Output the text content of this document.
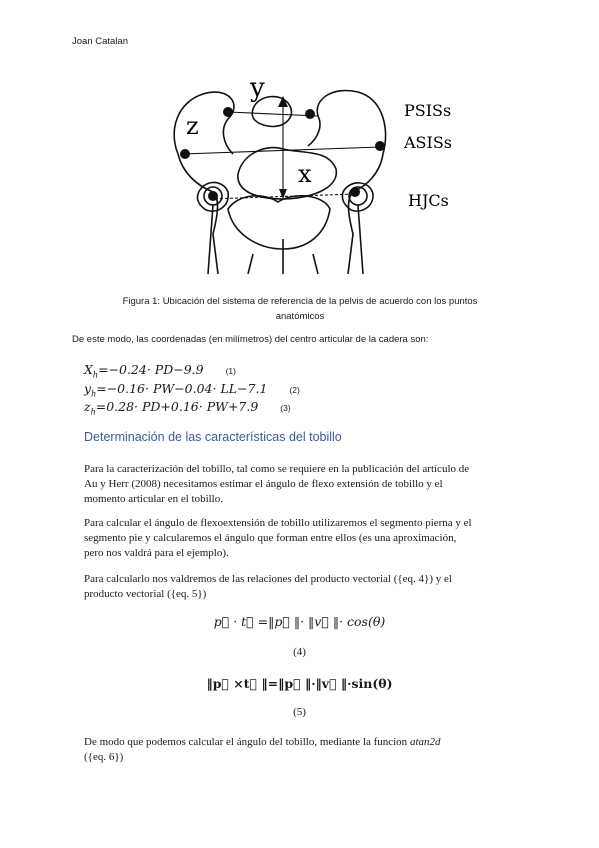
Joan Catalan
y
z
x
PSISs
ASISs
HJCs
Figura 1: Ubicación del sistema de referencia de la pelvis de acuerdo con los puntos
anatómicos
De este modo, las coordenadas (en milímetros) del centro articular de la cadera son:
$X_h=-0.24\cdot PD-9.9$	(1)
$y_h=-0.16\cdot PW-0.04\cdot LL-7.1$	(2)
$z_h=0.28\cdot PD+0.16\cdot PW+7.9$	(3)
Determinación de las características del tobillo
Para la caracterización del tobillo, tal como se requiere en la publicación del artículo de
Au y Herr (2008) necesitamos estimar el ángulo de flexo extensión de tobillo y el
momento articular en el tobillo.
Para calcular el ángulo de flexoextensión de tobillo utilizaremos el segmento pierna y el
segmento pie y calcularemos el ángulo que forman entre ellos (es una aproximación,
pero nos valdrá para el ejemplo).
Para calcularlo nos valdremos de las relaciones del producto vectorial ({eq. 4}) y el
producto vectorial ({eq. 5})
p⃗ · t⃗ =‖p⃗ ‖· ‖v⃗ ‖· cos(θ)
(4)
‖p⃗ ×t⃗ ‖=‖p⃗ ‖·‖v⃗ ‖·sin(θ)
(5)
De modo que podemos calcular el ángulo del tobillo, mediante la funcion atan2d
({eq. 6})
